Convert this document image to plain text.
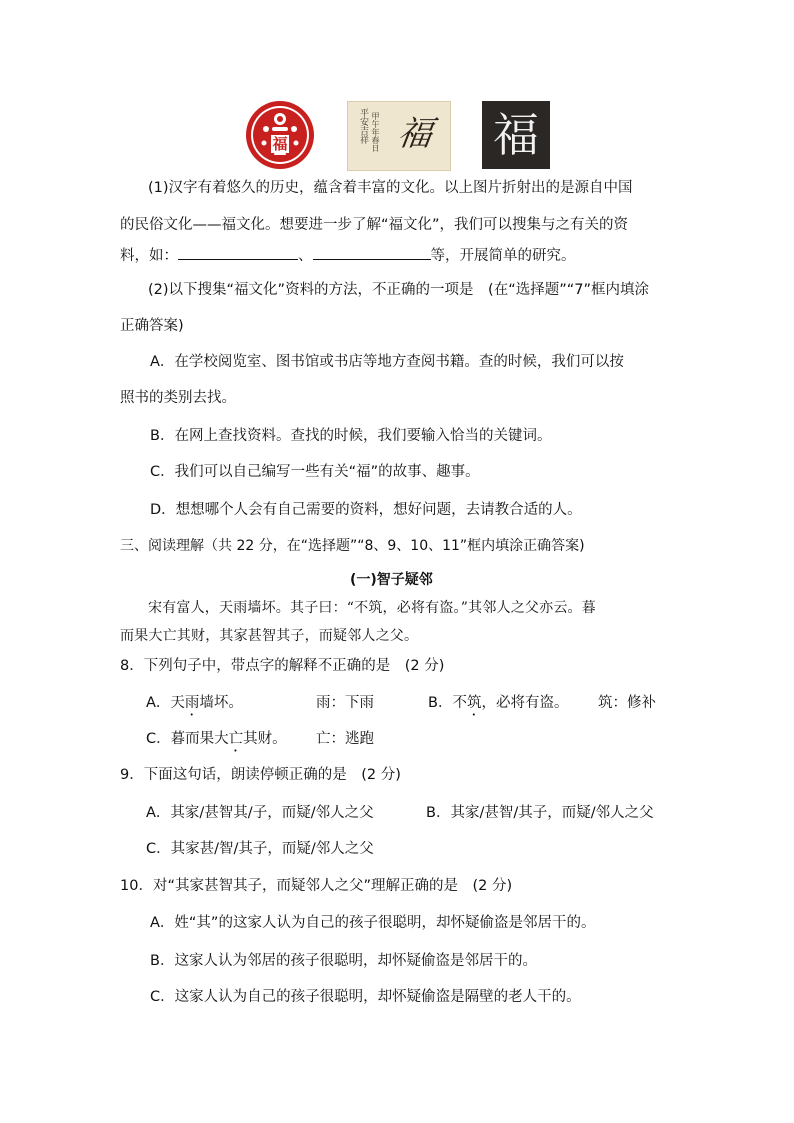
福	平安吉祥 甲午年春日 福 福
(1)汉字有着悠久的历史，蕴含着丰富的文化。以上图片折射出的是源自中国
的民俗文化——福文化。想要进一步了解“福文化”，我们可以搜集与之有关的资
料，如：	、	等，开展简单的研究。
(2)以下搜集“福文化”资料的方法，不正确的一项是　(在“选择题”“7”框内填涂
正确答案)
A．在学校阅览室、图书馆或书店等地方查阅书籍。查的时候，我们可以按
照书的类别去找。
B．在网上查找资料。查找的时候，我们要输入恰当的关键词。
C．我们可以自己编写一些有关“福”的故事、趣事。
D．想想哪个人会有自己需要的资料，想好问题，去请教合适的人。
三、阅读理解（共 22 分，在“选择题”“8、9、10、11”框内填涂正确答案)
(一)智子疑邻
宋有富人，天雨墙坏。其子曰：“不筑，必将有盗。”其邻人之父亦云。暮
而果大亡其财，其家甚智其子，而疑邻人之父。
8．下列句子中，带点字的解释不正确的是　(2 分)
A．天雨墙坏。	雨：下雨	B．不筑，必将有盗。 筑：修补
C．暮而果大亡其财。 亡：逃跑
9．下面这句话，朗读停顿正确的是　(2 分)
A．其家/甚智其/子，而疑/邻人之父	B．其家/甚智/其子，而疑/邻人之父
C．其家甚/智/其子，而疑/邻人之父
10．对“其家甚智其子，而疑邻人之父”理解正确的是　(2 分)
A．姓“其”的这家人认为自己的孩子很聪明，却怀疑偷盗是邻居干的。
B．这家人认为邻居的孩子很聪明，却怀疑偷盗是邻居干的。
C．这家人认为自己的孩子很聪明，却怀疑偷盗是隔壁的老人干的。
